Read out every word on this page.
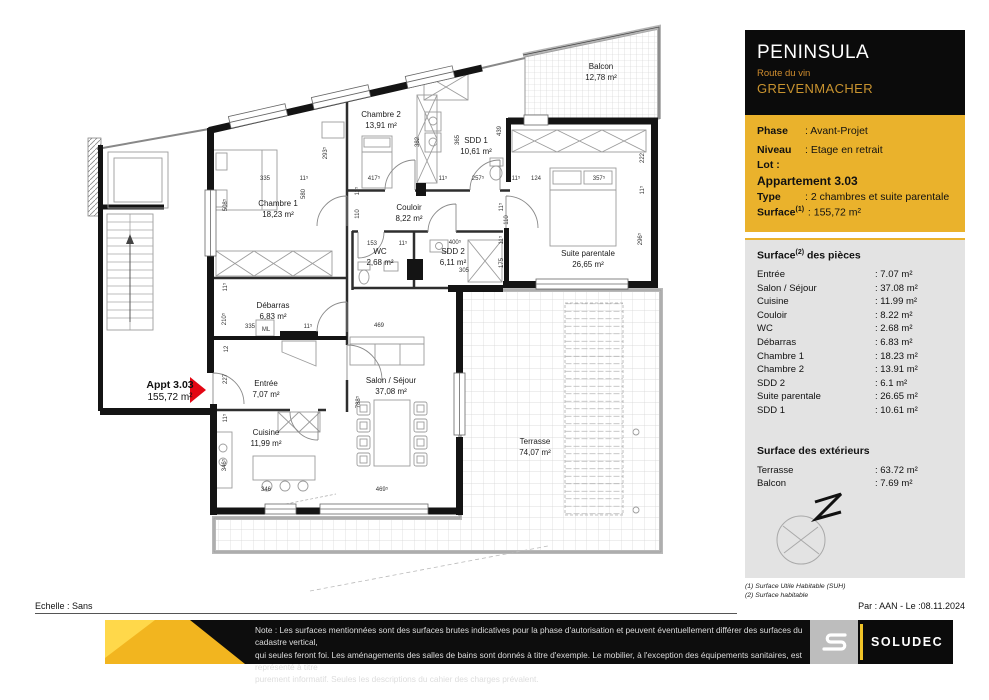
Appt 3.03
155,72 m²
Balcon
12,78 m²
Chambre 2
13,91 m²
SDD 1
10,61 m²
Chambre 1
18,23 m²
Couloir
8,22 m²
WC
2,68 m²
SDD 2
6,11 m²
Suite parentale
26,65 m²
Débarras
6,83 m²
Entrée
7,07 m²
Cuisine
11,99 m²
Salon / Séjour
37,08 m²
Terrasse
74,07 m²
335	11⁵	417⁵	11⁵	257⁵	11⁵ 124	357⁵
508⁵
580
293⁵
382	365
439
222
11⁵
296⁵
11⁵
110
11⁵
110
11⁵
175
153	11⁵	400⁵
305
11⁵
210⁵
335	11⁵
ML
12
227
11⁵
469
788⁵
346⁵
346	469⁵
PENINSULA
Route du vin
GREVENMACHER
Phase : Avant-Projet
Niveau : Etage en retrait
Lot :
Appartement 3.03
Type : 2 chambres et suite parentale
Surface$^{(1)}$ : 155,72 m²
Surface$^{(2)}$ des pièces
Entrée	: 7.07 m²
Salon / Séjour	: 37.08 m²
Cuisine	: 11.99 m²
Couloir	: 8.22 m²
WC	: 2.68 m²
Débarras	: 6.83 m²
Chambre 1	: 18.23 m²
Chambre 2	: 13.91 m²
SDD 2	: 6.1 m²
Suite parentale	: 26.65 m²
SDD 1	: 10.61 m²
Surface des extérieurs
Terrasse	: 63.72 m²
Balcon	: 7.69 m²
(1) Surface Utile Habitable (SUH)
(2) Surface habitable
Par : AAN - Le :08.11.2024
Echelle : Sans
Note : Les surfaces mentionnées sont des surfaces brutes indicatives pour la phase d'autorisation et peuvent éventuellement différer des surfaces du cadastre vertical,
qui seules feront foi. Les aménagements des salles de bains sont donnés à titre d'exemple. Le mobilier, à l'exception des équipements sanitaires, est représenté à titre
purement informatif. Seules les descriptions du cahier des charges prévalent.
SOLUDEC
